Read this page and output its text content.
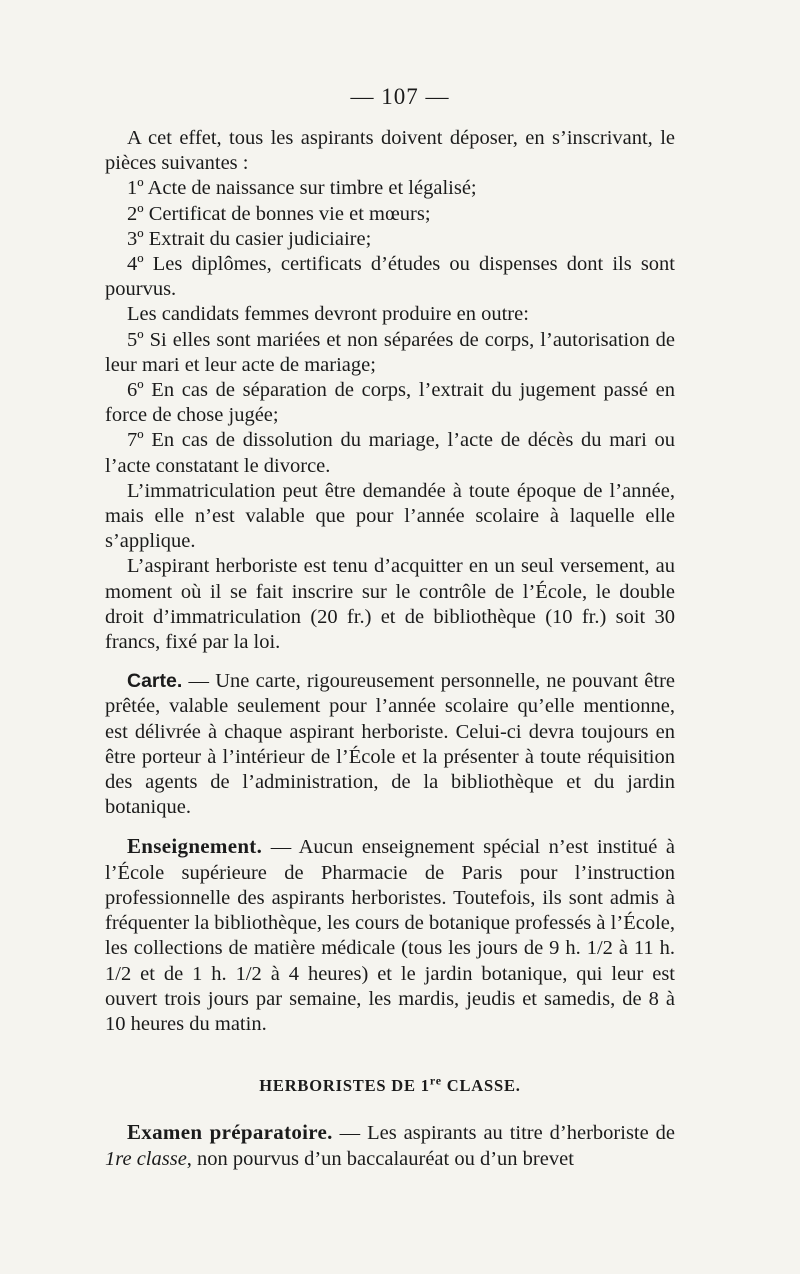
— 107 —

A cet effet, tous les aspirants doivent déposer, en s’inscrivant, le pièces suivantes :

1º Acte de naissance sur timbre et légalisé;

2º Certificat de bonnes vie et mœurs;

3º Extrait du casier judiciaire;

4º Les diplômes, certificats d’études ou dispenses dont ils sont pourvus.

Les candidats femmes devront produire en outre:

5º Si elles sont mariées et non séparées de corps, l’autorisation de leur mari et leur acte de mariage;

6º En cas de séparation de corps, l’extrait du jugement passé en force de chose jugée;

7º En cas de dissolution du mariage, l’acte de décès du mari ou l’acte constatant le divorce.

L’immatriculation peut être demandée à toute époque de l’année, mais elle n’est valable que pour l’année scolaire à laquelle elle s’applique.

L’aspirant herboriste est tenu d’acquitter en un seul versement, au moment où il se fait inscrire sur le contrôle de l’École, le double droit d’immatriculation (20 fr.) et de bibliothèque (10 fr.) soit 30 francs, fixé par la loi.

Carte. — Une carte, rigoureusement personnelle, ne pouvant être prêtée, valable seulement pour l’année scolaire qu’elle mentionne, est délivrée à chaque aspirant herboriste. Celui-ci devra toujours en être porteur à l’intérieur de l’École et la présenter à toute réquisition des agents de l’administration, de la bibliothèque et du jardin botanique.

Enseignement. — Aucun enseignement spécial n’est institué à l’École supérieure de Pharmacie de Paris pour l’instruction professionnelle des aspirants herboristes. Toutefois, ils sont admis à fréquenter la bibliothèque, les cours de botanique professés à l’École, les collections de matière médicale (tous les jours de 9 h. 1/2 à 11 h. 1/2 et de 1 h. 1/2 à 4 heures) et le jardin botanique, qui leur est ouvert trois jours par semaine, les mardis, jeudis et samedis, de 8 à 10 heures du matin.

HERBORISTES DE 1re CLASSE.

Examen préparatoire. — Les aspirants au titre d’herboriste de 1re classe, non pourvus d’un baccalauréat ou d’un brevet
